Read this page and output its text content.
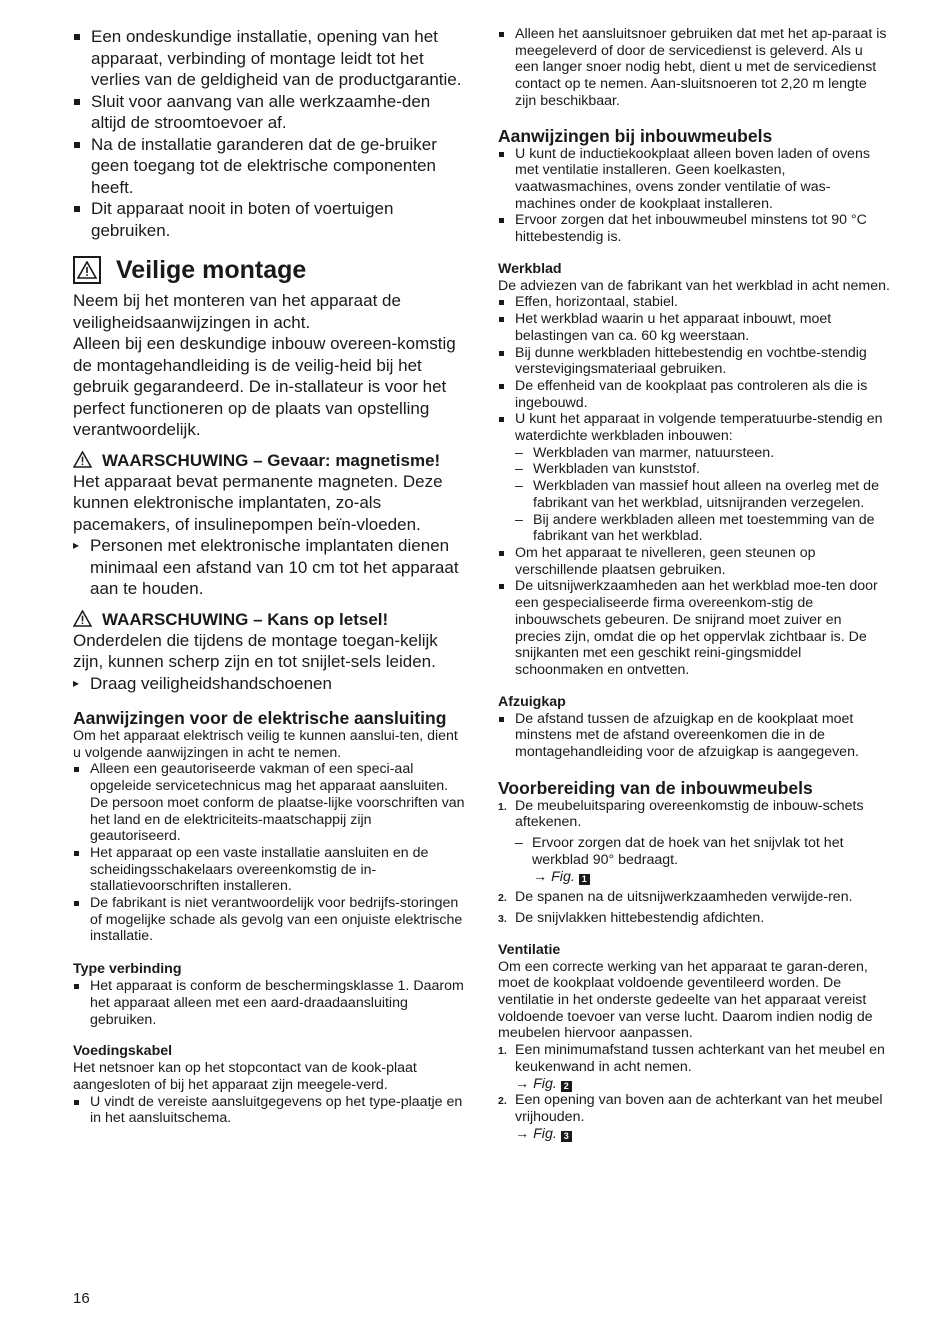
Een ondeskundige installatie, opening van het apparaat, verbinding of montage leidt tot het verlies van de geldigheid van de productgarantie.
Sluit voor aanvang van alle werkzaamhe-den altijd de stroomtoevoer af.
Na de installatie garanderen dat de ge-bruiker geen toegang tot de elektrische componenten heeft.
Dit apparaat nooit in boten of voertuigen gebruiken.
Veilige montage

Neem bij het monteren van het apparaat de veiligheidsaanwijzingen in acht.

Alleen bij een deskundige inbouw overeen-komstig de montagehandleiding is de veilig-heid bij het gebruik gegarandeerd. De in-stallateur is voor het perfect functioneren op de plaats van opstelling verantwoordelijk.

WAARSCHUWING – Gevaar: magnetisme!

Het apparaat bevat permanente magneten. Deze kunnen elektronische implantaten, zo-als pacemakers, of insulinepompen beïn-vloeden.

▸ Personen met elektronische implantaten dienen minimaal een afstand van 10 cm tot het apparaat aan te houden.
WAARSCHUWING – Kans op letsel!

Onderdelen die tijdens de montage toegan-kelijk zijn, kunnen scherp zijn en tot snijlet-sels leiden.

▸ Draag veiligheidshandschoenen
Aanwijzingen voor de elektrische aansluiting

Om het apparaat elektrisch veilig te kunnen aanslui-ten, dient u volgende aanwijzingen in acht te nemen.

Alleen een geautoriseerde vakman of een speci-aal opgeleide servicetechnicus mag het apparaat aansluiten. De persoon moet conform de plaatse-lijke voorschriften van het land en de elektriciteits-maatschappij zijn geautoriseerd.
Het apparaat op een vaste installatie aansluiten en de scheidingsschakelaars overeenkomstig de in-stallatievoorschriften installeren.
De fabrikant is niet verantwoordelijk voor bedrijfs-storingen of mogelijke schade als gevolg van een onjuiste elektrische installatie.
Type verbinding
Het apparaat is conform de beschermingsklasse 1. Daarom het apparaat alleen met een aard-draadaansluiting gebruiken.
Voedingskabel

Het netsnoer kan op het stopcontact van de kook-plaat aangesloten of bij het apparaat zijn meegele-verd.

U vindt de vereiste aansluitgegevens op het type-plaatje en in het aansluitschema.
Alleen het aansluitsnoer gebruiken dat met het ap-paraat is meegeleverd of door de servicedienst is geleverd. Als u een langer snoer nodig hebt, dient u met de servicedienst contact op te nemen. Aan-sluitsnoeren tot 2,20 m lengte zijn beschikbaar.
Aanwijzingen bij inbouwmeubels
U kunt de inductiekookplaat alleen boven laden of ovens met ventilatie installeren. Geen koelkasten, vaatwasmachines, ovens zonder ventilatie of was-machines onder de kookplaat installeren.
Ervoor zorgen dat het inbouwmeubel minstens tot 90 °C hittebestendig is.
Werkblad

De adviezen van de fabrikant van het werkblad in acht nemen.

Effen, horizontaal, stabiel.
Het werkblad waarin u het apparaat inbouwt, moet belastingen van ca. 60 kg weerstaan.
Bij dunne werkbladen hittebestendig en vochtbe-stendig verstevigingsmateriaal gebruiken.
De effenheid van de kookplaat pas controleren als die is ingebouwd.
U kunt het apparaat in volgende temperatuurbe-stendig en waterdichte werkbladen inbouwen:
– Werkbladen van marmer, natuursteen.
– Werkbladen van kunststof.
– Werkbladen van massief hout alleen na overleg met de fabrikant van het werkblad, uitsnijranden verzegelen.
– Bij andere werkbladen alleen met toestemming van de fabrikant van het werkblad.
Om het apparaat te nivelleren, geen steunen op verschillende plaatsen gebruiken.
De uitsnijwerkzaamheden aan het werkblad moe-ten door een gespecialiseerde firma overeenkom-stig de inbouwschets gebeuren. De snijrand moet zuiver en precies zijn, omdat die op het oppervlak zichtbaar is. De snijkanten met een geschikt reini-gingsmiddel schoonmaken en ontvetten.
Afzuigkap
De afstand tussen de afzuigkap en de kookplaat moet minstens met de afstand overeenkomen die in de montagehandleiding voor de afzuigkap is aangegeven.
Voorbereiding van de inbouwmeubels
1. De meubeluitsparing overeenkomstig de inbouw-schets aftekenen.
– Ervoor zorgen dat de hoek van het snijvlak tot het werkblad 90° bedraagt.
→ Fig. 1
2. De spanen na de uitsnijwerkzaamheden verwijde-ren.
3. De snijvlakken hittebestendig afdichten.
Ventilatie

Om een correcte werking van het apparaat te garan-deren, moet de kookplaat voldoende geventileerd worden. De ventilatie in het onderste gedeelte van het apparaat vereist voldoende toevoer van verse lucht. Daarom indien nodig de meubelen hiervoor aanpassen.

1. Een minimumafstand tussen achterkant van het meubel en keukenwand in acht nemen.
→ Fig. 2
2. Een opening van boven aan de achterkant van het meubel vrijhouden.
→ Fig. 3
16
